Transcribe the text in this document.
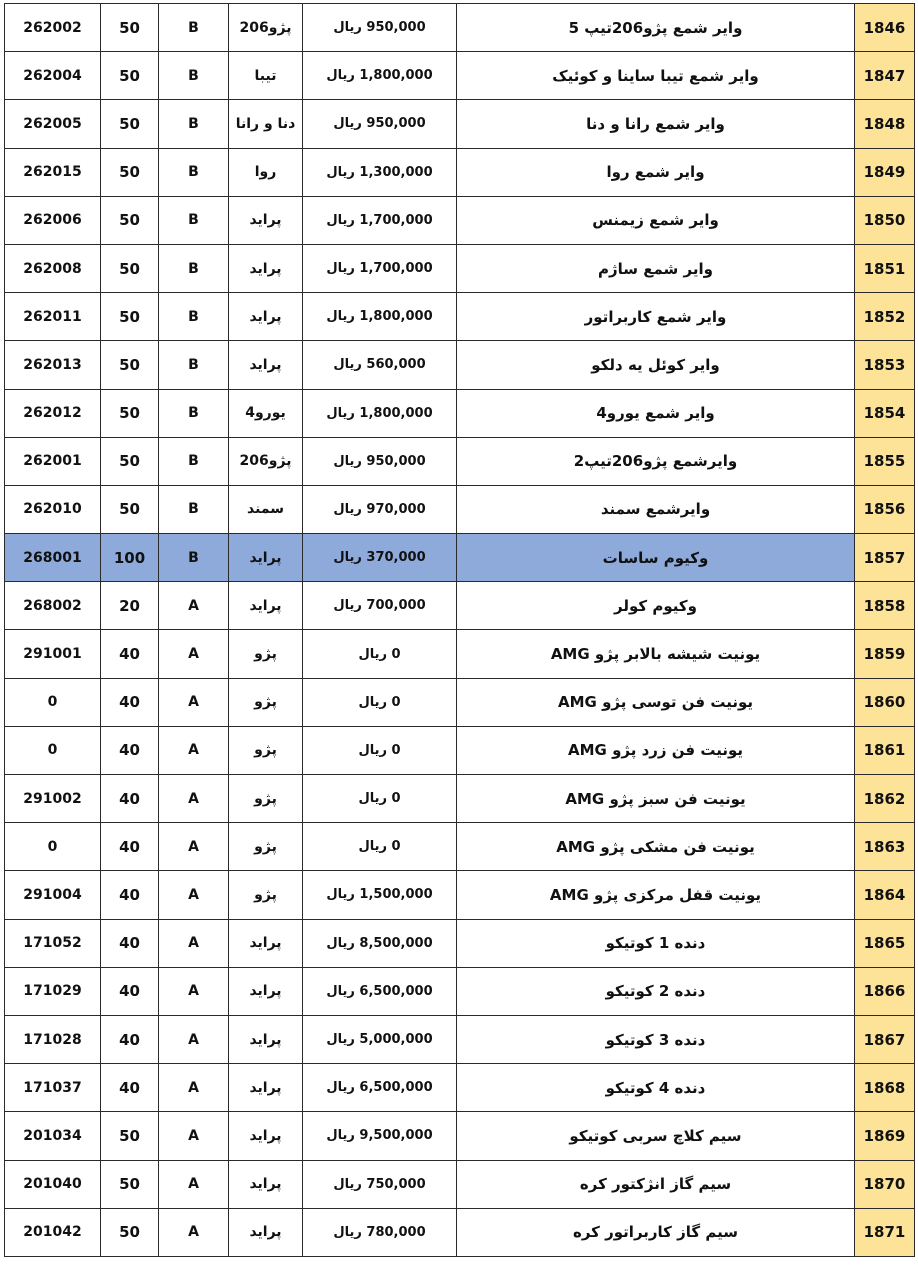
262002	50	B	پژو206	950,000 ریال	وایر شمع پژو206تیپ 5	1846
262004	50	B	تیبا	1,800,000 ریال	وایر شمع تیبا ساینا و کوئیک	1847
262005	50	B	دنا و رانا	950,000 ریال	وایر شمع رانا و دنا	1848
262015	50	B	روا	1,300,000 ریال	وایر شمع روا	1849
262006	50	B	پراید	1,700,000 ریال	وایر شمع زیمنس	1850
262008	50	B	پراید	1,700,000 ریال	وایر شمع ساژم	1851
262011	50	B	پراید	1,800,000 ریال	وایر شمع کاربراتور	1852
262013	50	B	پراید	560,000 ریال	وایر کوئل یه دلکو	1853
262012	50	B	یورو4	1,800,000 ریال	وایر شمع یورو4	1854
262001	50	B	پژو206	950,000 ریال	وایرشمع پژو206تیپ2	1855
262010	50	B	سمند	970,000 ریال	وایرشمع سمند	1856
268001	100	B	پراید	370,000 ریال	وکیوم ساسات	1857
268002	20	A	پراید	700,000 ریال	وکیوم کولر	1858
291001	40	A	پژو	0 ریال	یونیت شیشه بالابر پژو AMG	1859
0	40	A	پژو	0 ریال	یونیت فن توسی پژو AMG	1860
0	40	A	پژو	0 ریال	یونیت فن زرد پژو AMG	1861
291002	40	A	پژو	0 ریال	یونیت فن سبز پژو AMG	1862
0	40	A	پژو	0 ریال	یونیت فن مشکی پژو AMG	1863
291004	40	A	پژو	1,500,000 ریال	یونیت قفل مرکزی پژو AMG	1864
171052	40	A	پراید	8,500,000 ریال	دنده 1 کوتیکو	1865
171029	40	A	پراید	6,500,000 ریال	دنده 2 کوتیکو	1866
171028	40	A	پراید	5,000,000 ریال	دنده 3 کوتیکو	1867
171037	40	A	پراید	6,500,000 ریال	دنده 4 کوتیکو	1868
201034	50	A	پراید	9,500,000 ریال	سیم کلاچ سربی کوتیکو	1869
201040	50	A	پراید	750,000 ریال	سیم گاز انژکتور کره	1870
201042	50	A	پراید	780,000 ریال	سیم گاز کاربراتور کره	1871
